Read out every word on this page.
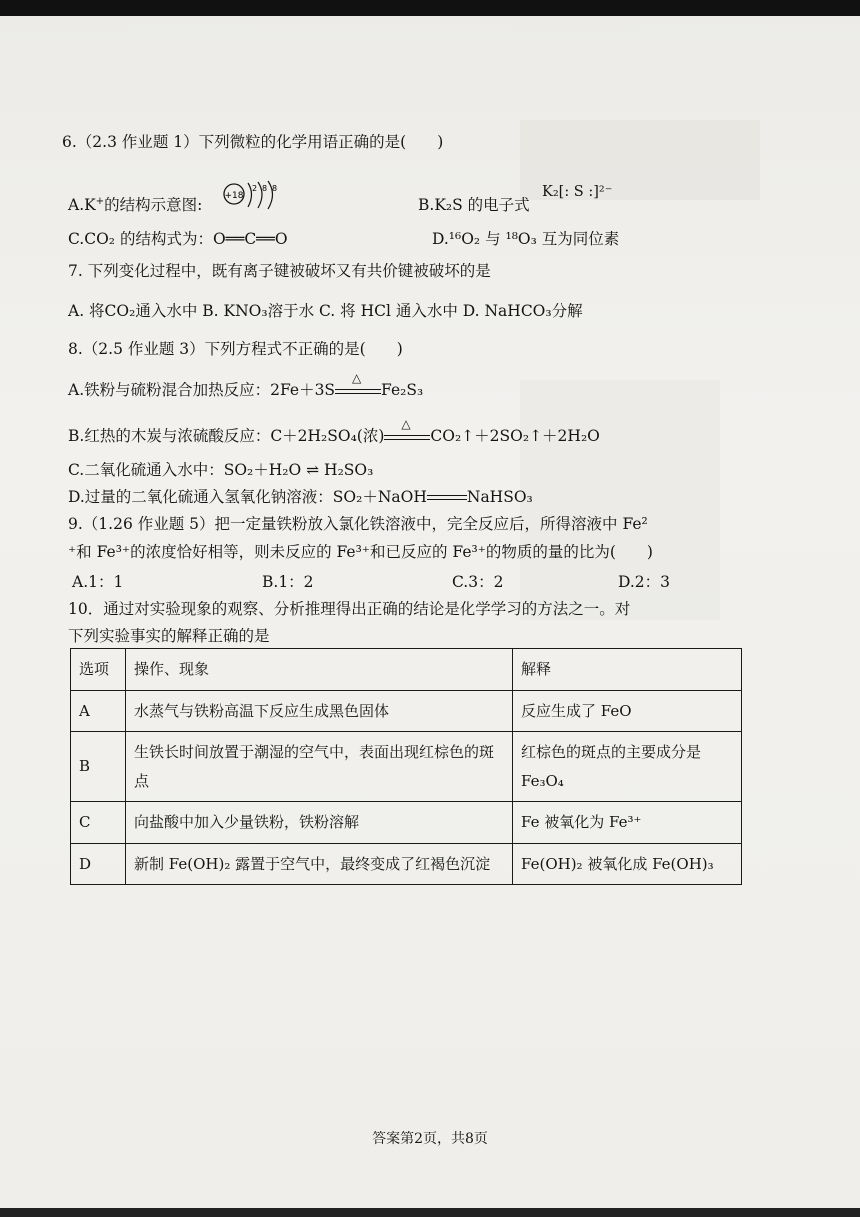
6.（2.3 作业题 1）下列微粒的化学用语正确的是(　　)
A.K+的结构示意图: +18
2 8 8
B.K₂S 的电子式
K₂[: S :]²⁻
C.CO₂ 的结构式为：O══C══O	D.¹⁶O₂ 与 ¹⁸O₃ 互为同位素
7. 下列变化过程中，既有离子键被破坏又有共价键被破坏的是
A. 将CO₂通入水中 B. KNO₃溶于水 C. 将 HCl 通入水中 D. NaHCO₃分解
8.（2.5 作业题 3）下列方程式不正确的是(　　)
A.铁粉与硫粉混合加热反应：2Fe＋3S
△
Fe₂S₃
B.红热的木炭与浓硫酸反应：C＋2H₂SO₄(浓)
△
CO₂↑＋2SO₂↑＋2H₂O
C.二氧化硫通入水中：SO₂＋H₂O ⇌ H₂SO₃
D.过量的二氧化硫通入氢氧化钠溶液：SO₂＋NaOH	NaHSO₃
9.（1.26 作业题 5）把一定量铁粉放入氯化铁溶液中，完全反应后，所得溶液中 Fe²
⁺和 Fe³⁺的浓度恰好相等，则未反应的 Fe³⁺和已反应的 Fe³⁺的物质的量的比为(　　)
A.1：1	B.1：2	C.3：2	D.2：3
10．通过对实验现象的观察、分析推理得出正确的结论是化学学习的方法之一。对
下列实验事实的解释正确的是
选项	操作、现象	解释
A	水蒸气与铁粉高温下反应生成黑色固体	反应生成了 FeO
B	生铁长时间放置于潮湿的空气中，表面出现红棕色的斑点	红棕色的斑点的主要成分是 Fe₃O₄
C	向盐酸中加入少量铁粉，铁粉溶解	Fe 被氧化为 Fe³⁺
D	新制 Fe(OH)₂ 露置于空气中，最终变成了红褐色沉淀	Fe(OH)₂ 被氧化成 Fe(OH)₃
答案第2页，共8页
